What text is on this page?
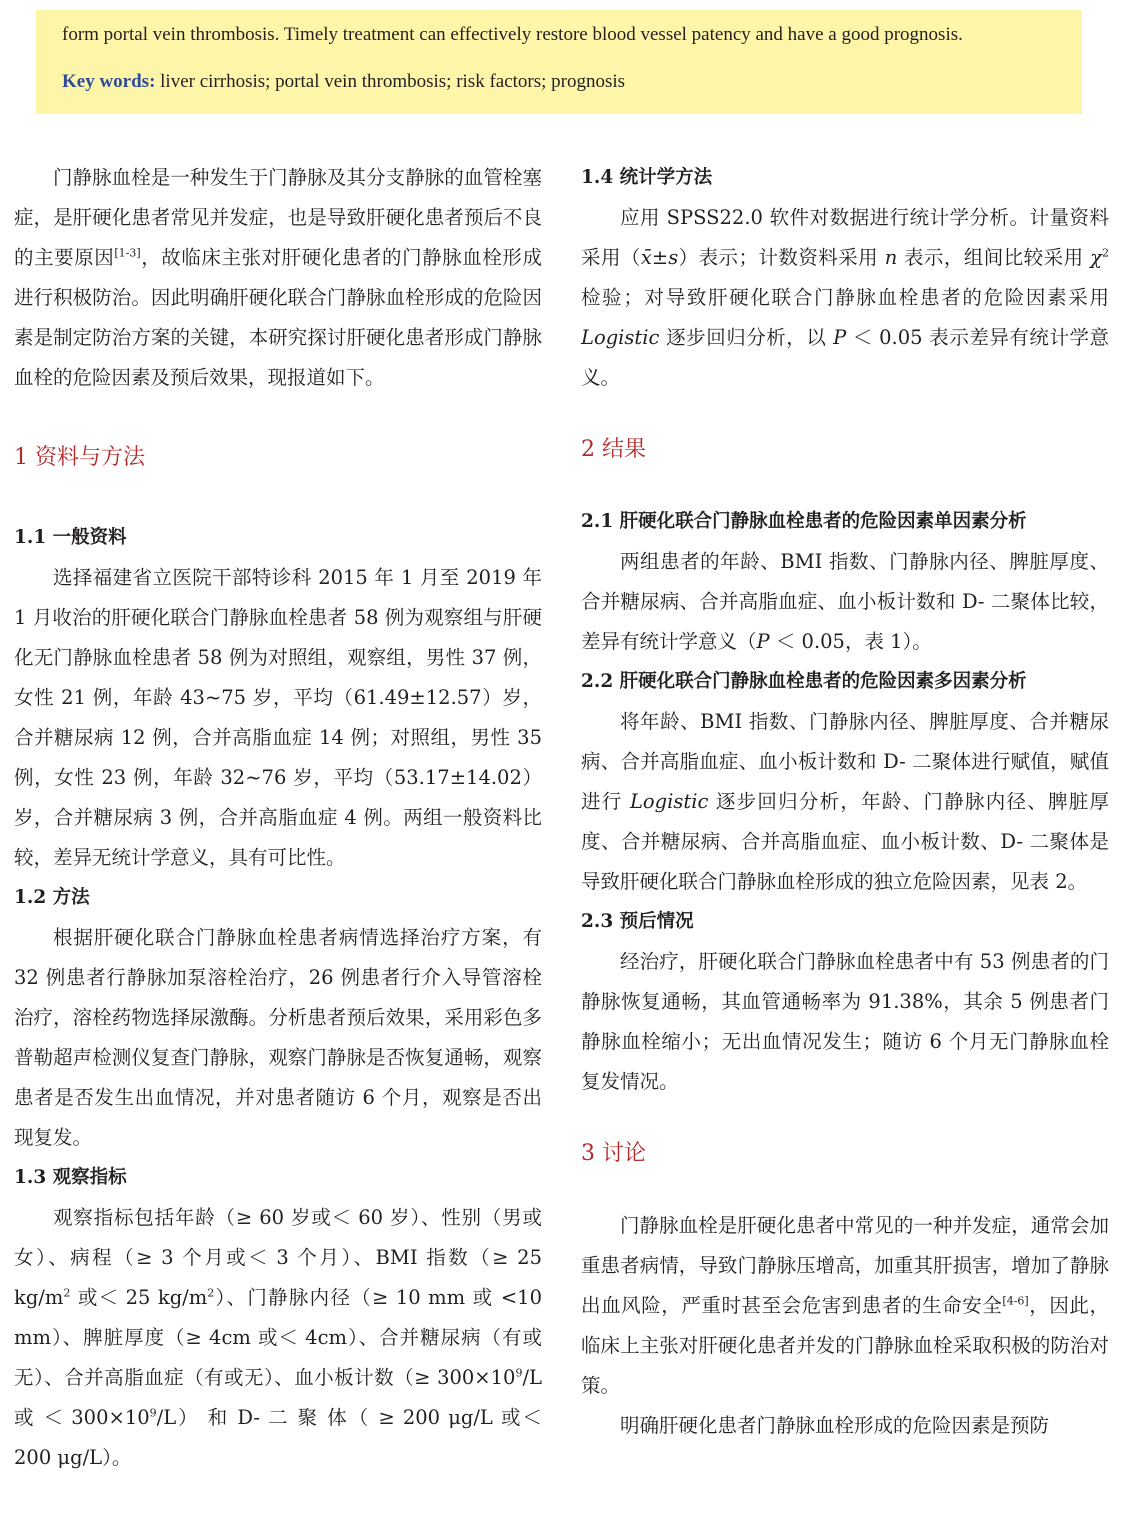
form portal vein thrombosis. Timely treatment can effectively restore blood vessel patency and have a good prognosis.
Key words: liver cirrhosis; portal vein thrombosis; risk factors; prognosis

门静脉血栓是一种发生于门静脉及其分支静脉的血管栓塞症，是肝硬化患者常见并发症，也是导致肝硬化患者预后不良的主要原因[1-3]，故临床主张对肝硬化患者的门静脉血栓形成进行积极防治。因此明确肝硬化联合门静脉血栓形成的危险因素是制定防治方案的关键，本研究探讨肝硬化患者形成门静脉血栓的危险因素及预后效果，现报道如下。

1 资料与方法
1.1 一般资料

选择福建省立医院干部特诊科 2015 年 1 月至 2019 年 1 月收治的肝硬化联合门静脉血栓患者 58 例为观察组与肝硬化无门静脉血栓患者 58 例为对照组，观察组，男性 37 例，女性 21 例，年龄 43~75 岁，平均（61.49±12.57）岁，合并糖尿病 12 例，合并高脂血症 14 例；对照组，男性 35 例，女性 23 例，年龄 32~76 岁，平均（53.17±14.02）岁，合并糖尿病 3 例，合并高脂血症 4 例。两组一般资料比较，差异无统计学意义，具有可比性。

1.2 方法

根据肝硬化联合门静脉血栓患者病情选择治疗方案，有 32 例患者行静脉加泵溶栓治疗，26 例患者行介入导管溶栓治疗，溶栓药物选择尿激酶。分析患者预后效果，采用彩色多普勒超声检测仪复查门静脉，观察门静脉是否恢复通畅，观察患者是否发生出血情况，并对患者随访 6 个月，观察是否出现复发。

1.3 观察指标

观察指标包括年龄（≥ 60 岁或＜ 60 岁）、性别（男或女）、病程（≥ 3 个月或＜ 3 个月）、BMI 指数（≥ 25 $kg/m^2$ 或＜ 25 $kg/m^2$）、门静脉内径（≥ 10 mm 或 <10 mm）、脾脏厚度（≥ 4cm 或＜ 4cm）、合并糖尿病（有或无）、合并高脂血症（有或无）、血小板计数（≥ $300\times 10^9/L$ 或 ＜ $300\times 10^9/L$） 和 D- 二 聚 体（ ≥ 200 μg/L 或＜ 200 μg/L）。

1.4 统计学方法

应用 SPSS22.0 软件对数据进行统计学分析。计量资料采用（x̄±s）表示；计数资料采用 n 表示，组间比较采用 $\chi^2$ 检验；对导致肝硬化联合门静脉血栓患者的危险因素采用 Logistic 逐步回归分析，以 P ＜ 0.05 表示差异有统计学意义。

2 结果
2.1 肝硬化联合门静脉血栓患者的危险因素单因素分析

两组患者的年龄、BMI 指数、门静脉内径、脾脏厚度、合并糖尿病、合并高脂血症、血小板计数和 D- 二聚体比较，差异有统计学意义（P ＜ 0.05，表 1）。

2.2 肝硬化联合门静脉血栓患者的危险因素多因素分析

将年龄、BMI 指数、门静脉内径、脾脏厚度、合并糖尿病、合并高脂血症、血小板计数和 D- 二聚体进行赋值，赋值进行 Logistic 逐步回归分析，年龄、门静脉内径、脾脏厚度、合并糖尿病、合并高脂血症、血小板计数、D- 二聚体是导致肝硬化联合门静脉血栓形成的独立危险因素，见表 2。

2.3 预后情况

经治疗，肝硬化联合门静脉血栓患者中有 53 例患者的门静脉恢复通畅，其血管通畅率为 91.38%，其余 5 例患者门静脉血栓缩小；无出血情况发生；随访 6 个月无门静脉血栓复发情况。

3 讨论

门静脉血栓是肝硬化患者中常见的一种并发症，通常会加重患者病情，导致门静脉压增高，加重其肝损害，增加了静脉出血风险，严重时甚至会危害到患者的生命安全[4-6]，因此，临床上主张对肝硬化患者并发的门静脉血栓采取积极的防治对策。

明确肝硬化患者门静脉血栓形成的危险因素是预防
